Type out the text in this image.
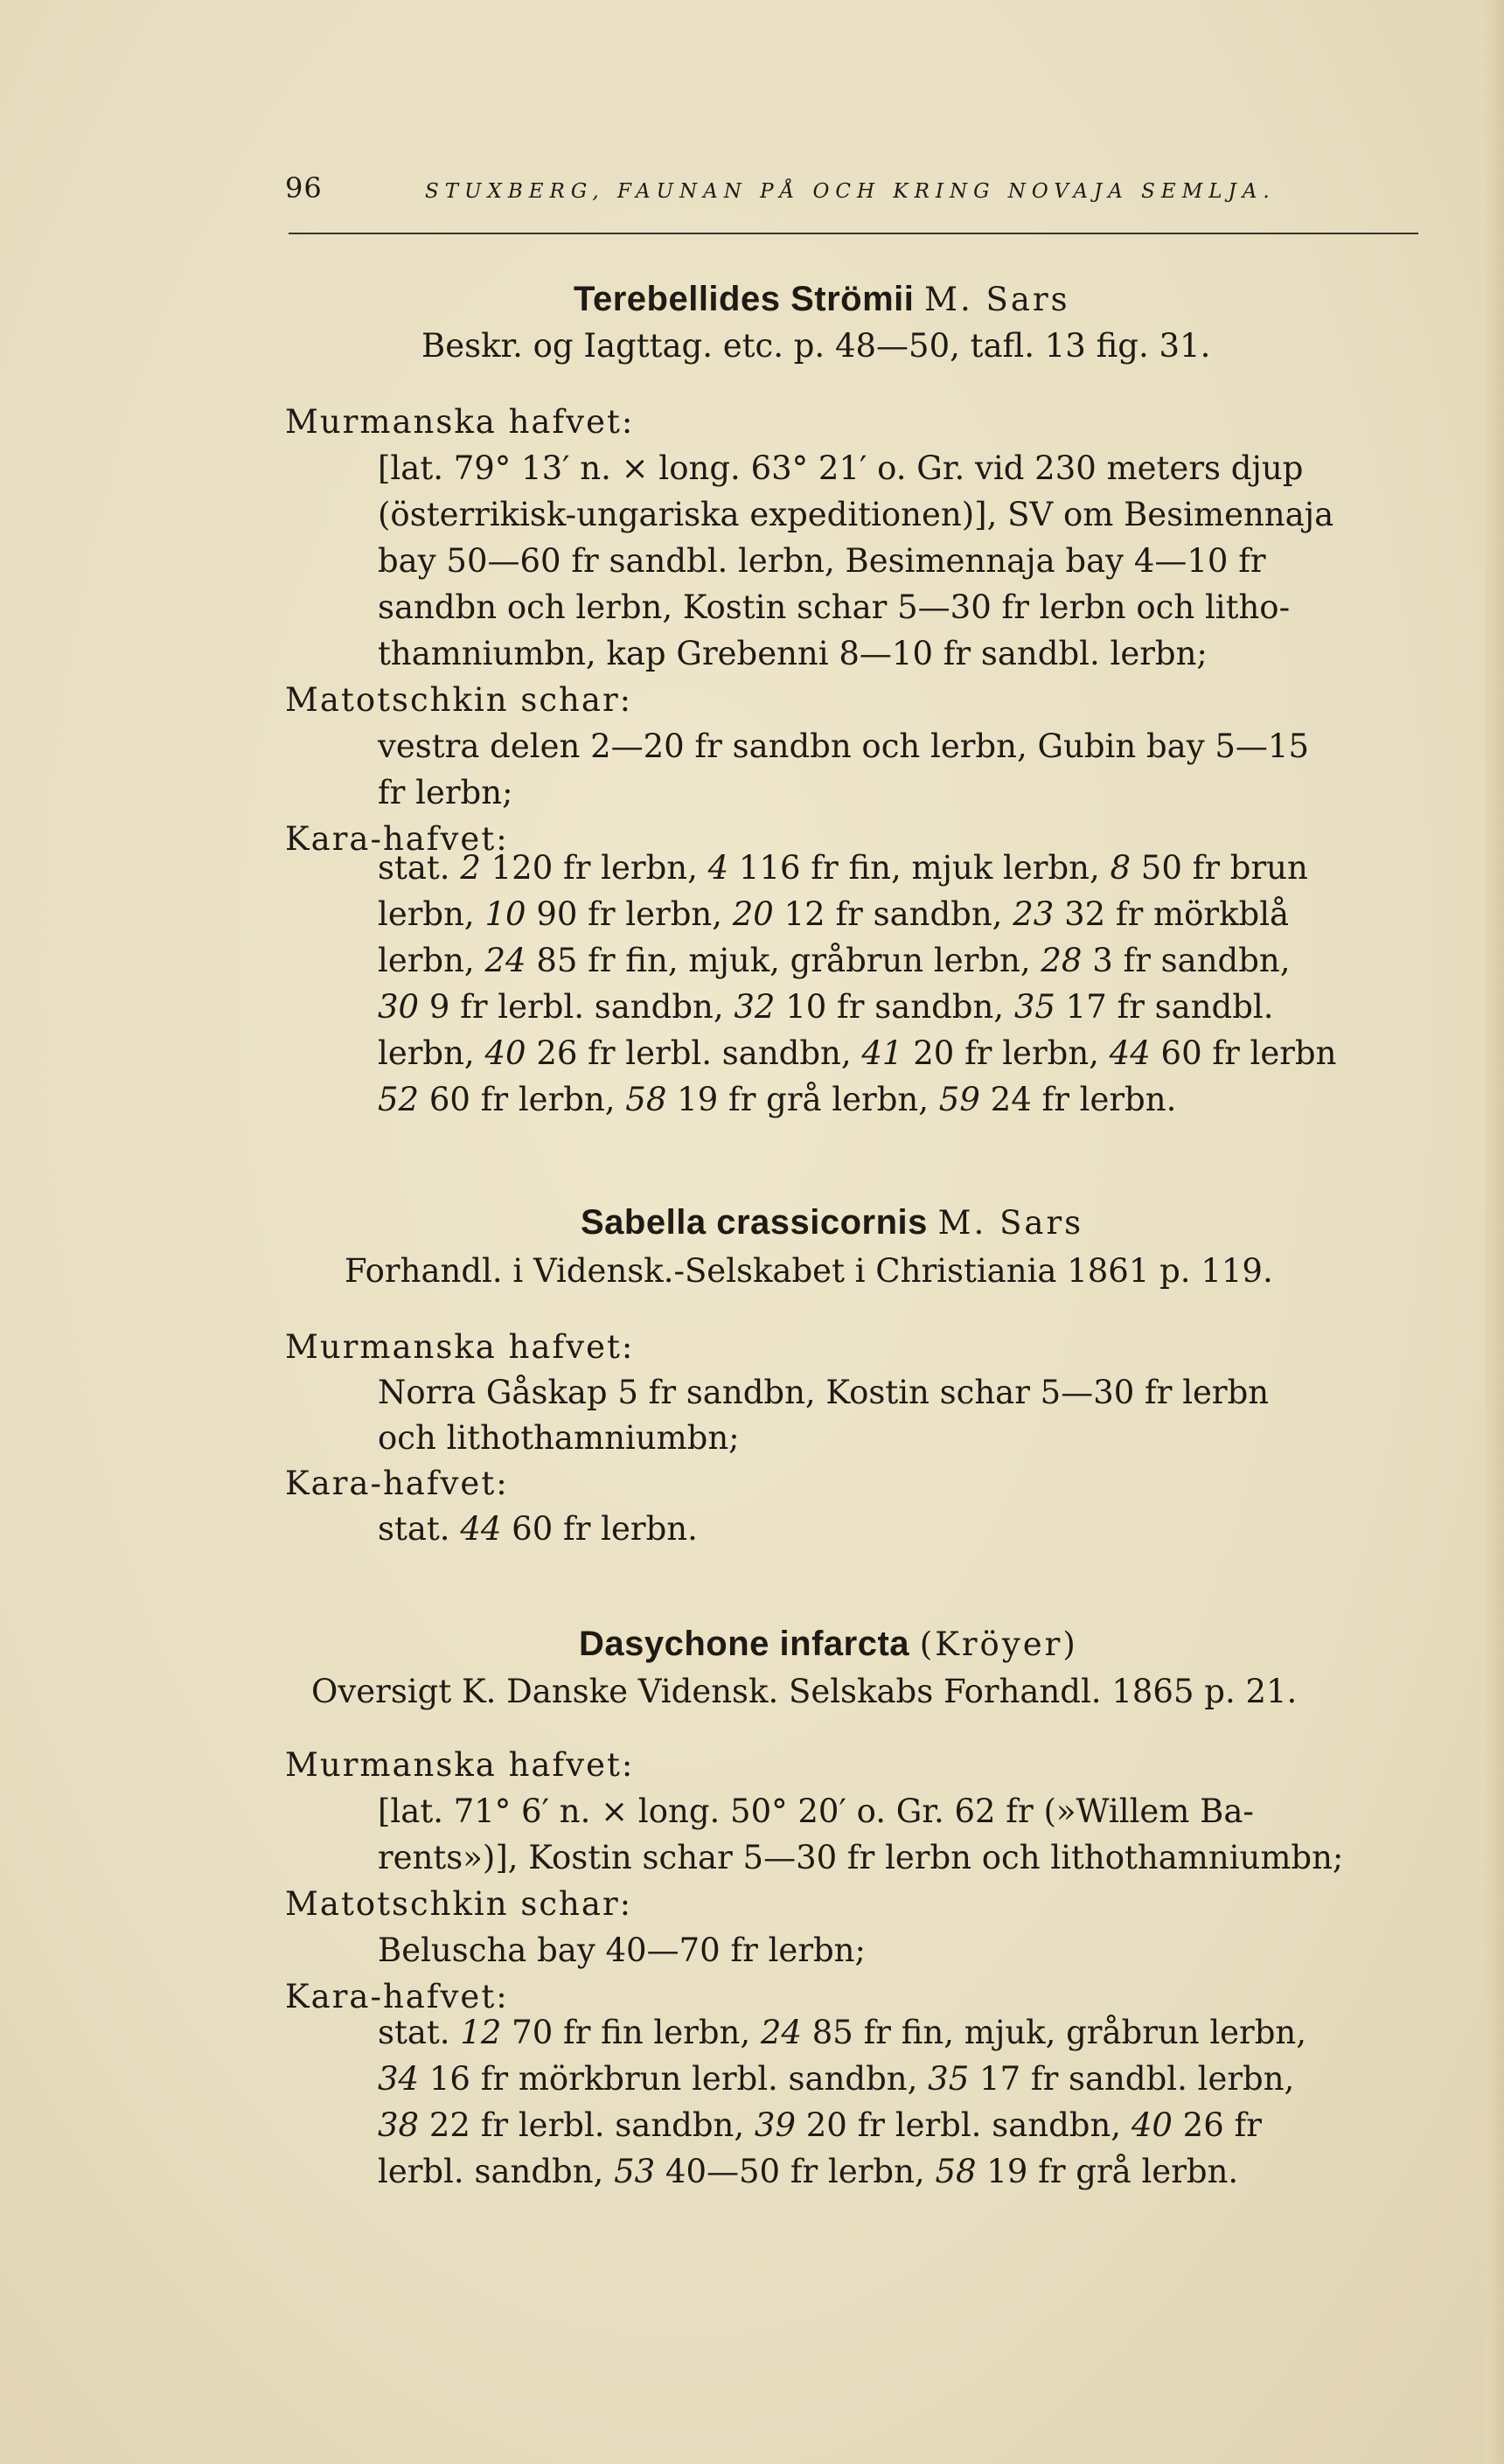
96	STUXBERG, FAUNAN PÅ OCH KRING NOVAJA SEMLJA.
Terebellides Strömii M. Sars
Beskr. og Iagttag. etc. p. 48—50, tafl. 13 fig. 31.
Murmanska hafvet:
[lat. 79° 13′ n. × long. 63° 21′ o. Gr. vid 230 meters djup
(österrikisk-ungariska expeditionen)], SV om Besimennaja
bay 50—60 fr sandbl. lerbn, Besimennaja bay 4—10 fr
sandbn och lerbn, Kostin schar 5—30 fr lerbn och litho-
thamniumbn, kap Grebenni 8—10 fr sandbl. lerbn;
Matotschkin schar:
vestra delen 2—20 fr sandbn och lerbn, Gubin bay 5—15
fr lerbn;
Kara-hafvet:
stat. 2 120 fr lerbn, 4 116 fr fin, mjuk lerbn, 8 50 fr brun
lerbn, 10 90 fr lerbn, 20 12 fr sandbn, 23 32 fr mörkblå
lerbn, 24 85 fr fin, mjuk, gråbrun lerbn, 28 3 fr sandbn,
30 9 fr lerbl. sandbn, 32 10 fr sandbn, 35 17 fr sandbl.
lerbn, 40 26 fr lerbl. sandbn, 41 20 fr lerbn, 44 60 fr lerbn
52 60 fr lerbn, 58 19 fr grå lerbn, 59 24 fr lerbn.
Sabella crassicornis M. Sars
Forhandl. i Vidensk.-Selskabet i Christiania 1861 p. 119.
Murmanska hafvet:
Norra Gåskap 5 fr sandbn, Kostin schar 5—30 fr lerbn
och lithothamniumbn;
Kara-hafvet:
stat. 44 60 fr lerbn.
Dasychone infarcta (Kröyer)
Oversigt K. Danske Vidensk. Selskabs Forhandl. 1865 p. 21.
Murmanska hafvet:
[lat. 71° 6′ n. × long. 50° 20′ o. Gr. 62 fr (»Willem Ba-
rents»)], Kostin schar 5—30 fr lerbn och lithothamniumbn;
Matotschkin schar:
Beluscha bay 40—70 fr lerbn;
Kara-hafvet:
stat. 12 70 fr fin lerbn, 24 85 fr fin, mjuk, gråbrun lerbn,
34 16 fr mörkbrun lerbl. sandbn, 35 17 fr sandbl. lerbn,
38 22 fr lerbl. sandbn, 39 20 fr lerbl. sandbn, 40 26 fr
lerbl. sandbn, 53 40—50 fr lerbn, 58 19 fr grå lerbn.
